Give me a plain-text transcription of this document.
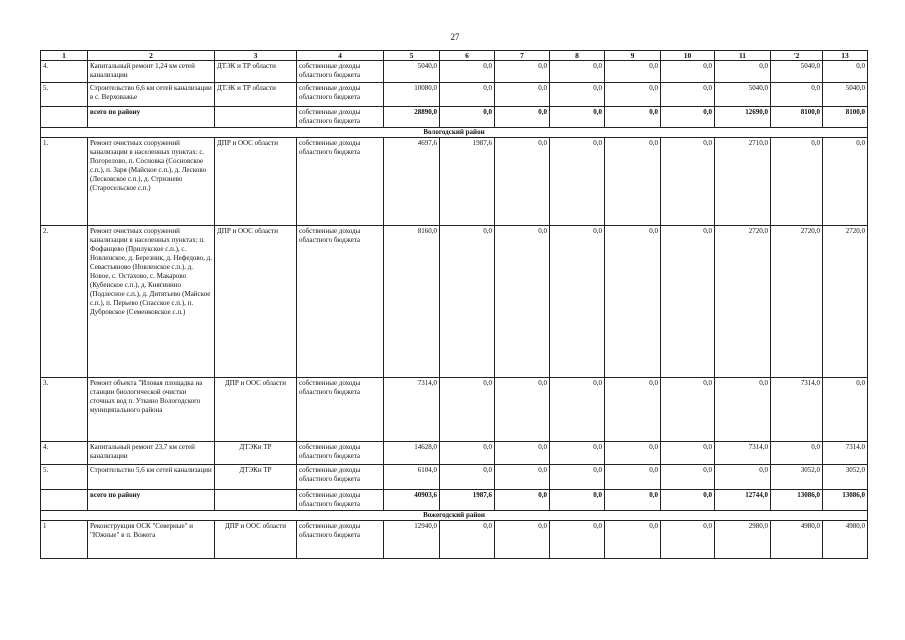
27
1	2	3	4	5	6	7	8	9	10	11	'2	13
4.	Капитальный ремонт 1,24 км сетей канализации	ДТЭК и ТР области	собственные доходы областного бюджета	5040,0	0,0	0,0	0,0	0,0	0,0	0,0	5040,0	0,0
5.	Строительство 6,6 км сетей канализации в с. Верховажье	ДТЭК и ТР области	собственные доходы областного бюджета	10080,0	0,0	0,0	0,0	0,0	0,0	5040,0	0,0	5040,0
	всего по району		собственные доходы областного бюджета	28890,0	0,0	0,0	0,0	0,0	0,0	12690,0	8100,0	8100,0
Вологодский район												
1.	Ремонт очистных сооружений канализации в населенных пунктах: с. Погорелово, п. Сосновка (Сосновское с.п.), п. Заря (Майское с.п.), д. Лесково (Лесковское с.п.), д. Стризнево (Старосельское с.п.)	ДПР и ООС области	собственные доходы областного бюджета	4697,6	1987,6	0,0	0,0	0,0	0,0	2710,0	0,0	0,0
2.	Ремонт очистных сооружений канализации в населенных пунктах: п. Фофанцево (Прилукское с.п.), с. Новленское, д. Березник, д. Нефедово, д. Севастьяново (Новленское с.п.), д. Новое, с. Остахово, с. Макарово (Кубенское с.п.), д. Княгинино (Подлесное с.п.), д. Дитятьево (Майское с.п.), п. Перьево (Спасское с.п.), п. Дубровское (Семенковское с.п.)	ДПР и ООС области	собственные доходы областного бюджета	8160,0	0,0	0,0	0,0	0,0	0,0	2720,0	2720,0	2720,0
3.	Ремонт объекта "Иловая площадка на станции биологической очистки сточных вод п. Уткино Вологодского муниципального района	ДПР и ООС области	собственные доходы областного бюджета	7314,0	0,0	0,0	0,0	0,0	0,0	0,0	7314,0	0,0
4.	Капитальный ремонт 23,7 км сетей канализации	ДТЭКи ТР	собственные доходы областного бюджета	14628,0	0,0	0,0	0,0	0,0	0,0	7314,0	0,0	7314,0
5.	Строительство 5,6 км сетей канализации	ДТЭКи ТР	собственные доходы областного бюджета	6104,0	0,0	0,0	0,0	0,0	0,0	0,0	3052,0	3052,0
	всего по району		собственные доходы областного бюджета	40903,6	1987,6	0,0	0,0	0,0	0,0	12744,0	13086,0	13086,0
Вожегодский район												
1	Реконструкция ОСК "Северные" и "Южные" в п. Вожега	ДПР и ООС области	собственные доходы областного бюджета	12940,0	0,0	0,0	0,0	0,0	0,0	2980,0	4980,0	4980,0
